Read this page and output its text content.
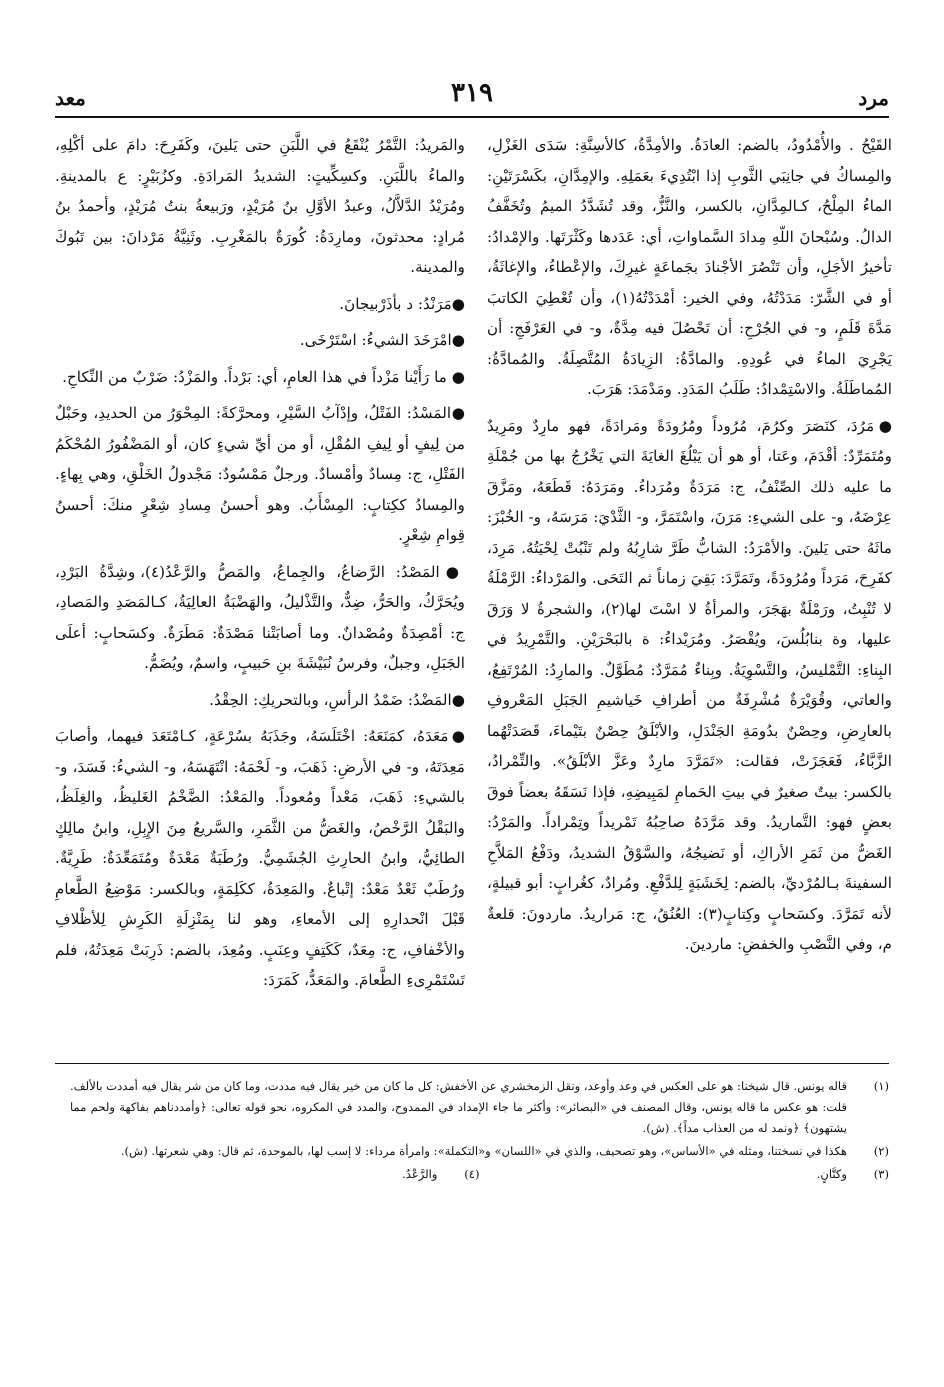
مرد
٣١٩
معد

القَيْحُ . والأُمْدُودُ، بالضم: العادَةُ. والأمِدَّةُ، كالأسِنَّةِ: سَدَى الغَزْلِ، والمِساكُ في جانِبَي الثَّوبِ إذا ابْتُدِيءَ بعَمَلِهِ. والإمِدَّانِ، بكَسْرَتَيْنِ: الماءُ المِلْحُ، كـالمِدَّانِ، بالكسر، والنَّزُّ، وقد تُشَدَّدُ الميمُ وتُخَفَّفُ الدالُ. وسُبْحانَ اللّهِ مِدادَ السَّماواتِ، أي: عَدَدها وكَثْرَتَها. والإمْدادُ: تأخيرُ الأجَلِ، وأن تَنْصُرَ الأجْنادَ بجَماعَةٍ غيرِكَ، والإعْطاءُ، والإغاثَةُ، أو في الشَّرّ: مَدَدْتُهُ، وفي الخير: أمْدَدْتُهُ(١)، وأن تُعْطِيَ الكاتبَ مَدَّةَ قَلَمٍ، و- في الجُرْحِ: أن تَحْصُلَ فيه مِدَّةٌ، و- في العَرْفَجِ: أن يَجْرِيَ الماءُ في عُودِهِ. والمادَّةُ: الزِيادَةُ المُتَّصِلَةُ. والمُمادَّةُ: المُماطَلَةُ. والاسْتِمْدادُ: طَلَبُ المَدَدِ. ومَدْمَدَ: هَرَبَ.

●مَرُدَ، كنَصَرَ وكرُمَ، مُرُوداً ومُرُودَةً ومَرادَةً، فهو مارِدٌ ومَرِيدٌ ومُتَمَرِّدٌ: أقْدَمَ، وعَتا، أو هو أن يَبْلُغَ الغايَةَ التي يَخْرُجُ بها من جُمْلَةِ ما عليه ذلك الصِّنْفُ، ج: مَرَدَةٌ ومُرَداءُ. ومَرَدَهُ: قَطَعَهُ، ومَزَّقَ عِرْضَهُ، و- على الشيءِ: مَرَنَ، واسْتَمَرَّ، و- الثَّدْيَ: مَرَسَهُ، و- الخُبْزَ: ماثَهُ حتى يَلينَ. والأمْرَدُ: الشابُّ طَرَّ شارِبُهُ ولم تَنْبُتْ لِحْيَتُهُ. مَرِدَ، كفَرِحَ، مَرَداً ومُرُودَةً، وتَمَرَّدَ: بَقِيَ زماناً ثم التَحَى. والمَرْداءُ: الرَّمْلَةُ لا تُنْبِتُ، ورَمْلَةٌ بهَجَرَ، والمرأةُ لا اسْتَ لها(٢)، والشجرةُ لا وَرَقَ عليها، وة بنابُلُسَ، ويُقْصَرُ. ومُرَيْداءُ: ة بالبَحْرَيْنِ. والتَّمْرِيدُ في البِناءِ: التَّمْليسُ، والتَّسْوِيَةُ. وبِناءٌ مُمَرَّدٌ: مُطَوَّلٌ. والمارِدُ: المُرْتَفِعُ، والعاتي، وقُوَيْرَةٌ مُشْرِفَةٌ من أطرافِ خَياشيمِ الجَبَلِ المَعْروفِ بالعارِضِ، وحِصْنٌ بدُومَةِ الجَنْدَلِ، والأبْلَقُ حِصْنٌ بتَيْماءَ، قَصَدَتْهُما الزَّبَّاءُ، فَعَجَزَتْ، فقالت: «تَمَرَّدَ مارِدٌ وعَزَّ الأبْلَقُ». والتِّمْرادُ، بالكسر: بيتٌ صغيرٌ في بيتِ الحَمامِ لمَبِيضِهِ، فإذا نَسَقَهُ بعضاً فوقَ بعضٍ فهو: التَّماريدُ. وقد مَرَّدَهُ صاحِبُهُ تَمْريداً وتِمْراداً. والمَرْدُ: الغَضُّ من ثَمَرِ الأراكِ، أو نَضيجُهُ، والسَّوْقُ الشديدُ، ودَفْعُ المَلاَّحِ السفينةَ بـالمُرْديِّ، بالضم: لِخَشَبَةٍ لِلدَّفْعِ. ومُرادٌ، كغُرابٍ: أبو قبيلةٍ، لأنه تَمَرَّدَ. وكسَحابٍ وكِتابٍ(٣): العُنُقُ، ج: مَراريدُ. ماردونَ: قلعةٌ م، وفي النَّصْبِ والخفضِ: ماردينَ.

والمَريدُ: التَّمْرُ يُنْقَعُ في اللَّبَنِ حتى يَلينَ، وكَفَرِحَ: دامَ على أكْلِهِ، والماءُ باللَّبَنِ. وكسِكِّيتٍ: الشديدُ المَرادَةِ. وكزُبَيْرٍ: ع بالمدينةِ. ومُرَيْدُ الدَّلاَّلُ، وعبدُ الأوَّلِ بنُ مُرَيْدٍ، ورَبيعةُ بنتُ مُرَيْدٍ، وأحمدُ بنُ مُرادٍ: محدثونَ، ومارِدَةُ: كُورَةٌ بالمَغْرِبِ. وثَنِيَّةُ مَرْدانَ: بين تَبُوكَ والمدينة.

●مَرَنْدُ: د بأذَرْبيجانَ.

●امْرَخَدَ الشيءُ: اسْتَرْخَى.

● ما رَأَيْنا مَزْداً في هذا العامِ، أي: بَرْداً. والمَزْدُ: ضَرْبٌ من النِّكاحِ.

●المَسْدُ: الفَتْلُ، وإدْآبُ السَّيْرِ، ومحرَّكةً: المِحْوَرُ من الحديدِ، وحَبْلٌ من لِيفٍ أو لِيفِ المُقْلِ، أو من أيِّ شيءٍ كان، أو المَضْفُورُ المُحْكَمُ الفَتْلِ، ج: مِسادٌ وأمْسادٌ. ورجلٌ مَمْسُودٌ: مَجْدولُ الخَلْقِ، وهي بِهاءٍ. والمِسادُ ككِتابٍ: المِسْأَبُ. وهو أحسنُ مِسادِ شِعْرٍ منكَ: أحسنُ قِوامِ شِعْرٍ.

●المَصْدُ: الرَّضاعُ، والجِماعُ، والمَصُّ والرَّعْدُ(٤)، وشِدَّةُ البَرْدِ، ويُحَرَّكُ، والحَرُّ، ضِدٌّ، والتَّذْليلُ، والهَضْبَةُ العالِيَةُ، كـالمَصَدِ والمَصادِ، ج: أمْصِدَةٌ ومُصْدانٌ. وما أصابَتْنا مَصْدَةٌ: مَطَرَةٌ. وكسَحابٍ: أعلَى الجَبَلِ، وجبلٌ، وفرسُ نُبَيْشَةَ بنِ حَبيبٍ، واسمٌ، ويُضَمُّ.

●المَضْدُ: ضَمْدُ الرأسِ، وبالتحريكِ: الحِقْدُ.

●مَعَدَهُ، كمَنَعَهُ: اخْتَلَسَهُ، وجَذَبَهُ بسُرْعَةٍ، كـامْتَعَدَ فيهما، وأصابَ مَعِدَتَهُ، و- في الأرضِ: ذَهَبَ، و- لَحْمَهُ: انْتَهَسَهُ، و- الشيءُ: فَسَدَ، و- بالشيءِ: ذَهَبَ، مَعْداً ومُعوداً. والمَعْدُ: الضَّخْمُ الغَليظُ، والغِلَظُ، والبَقْلُ الرَّخْصُ، والغَضُّ من الثَّمَرِ، والسَّريعُ مِنَ الإِبِلِ، وابنُ مالِكٍ الطائِيُّ، وابنُ الحارِثِ الجُشَمِيُّ. ورُطَبَةٌ مَعْدَةٌ ومُتَمَعِّدَةٌ: طَرِيَّةٌ. ورُطَبٌ ثَعْدٌ مَعْدٌ: إتْباعٌ. والمَعِدَةُ، ككَلِمَةٍ، وبالكسر: مَوْضِعُ الطَّعامِ قَبْلَ انْحدارِهِ إلى الأمعاءِ، وهو لنا بِمَنْزِلَةِ الكَرِشِ لِلأظْلافِ والأخْفافِ، ج: مِعَدٌ، كَكَتِفٍ وعِنَبٍ. ومُعِدَ، بالضم: ذَرِبَتْ مَعِدَتُهُ، فلم تَسْتَمْرِىءِ الطَّعامَ. والمَعَدُّ، كَمَرَدَ:

(١)
قاله يونس. قال شيخنا: هو على العكس في وعد وأوعد، ونقل الزمخشري عن الأخفش: كل ما كان من خير يقال فيه مددت، وما كان من شر يقال فيه أمددت بالألف. قلت: هو عكس ما قاله يونس، وقال المصنف في «البصائر»: وأكثر ما جاء الإمداد في الممدوح، والمدد في المكروه، نحو قوله تعالى: ﴿وأمددناهم بفاكهة ولحم مما يشتهون﴾ ﴿ونمد له من العذاب مداً﴾. (ش).
(٢)
هكذا في نسختنا، ومثله في «الأساس»، وهو تصحيف، والذي في «اللسان» و«التكملة»: وامرأة مرداء: لا إسب لها، بالموحدة، ثم قال: وهي شعرتها. (ش).
(٣)
وكتَّانٍ.
(٤)
والرَّعْدُ.
